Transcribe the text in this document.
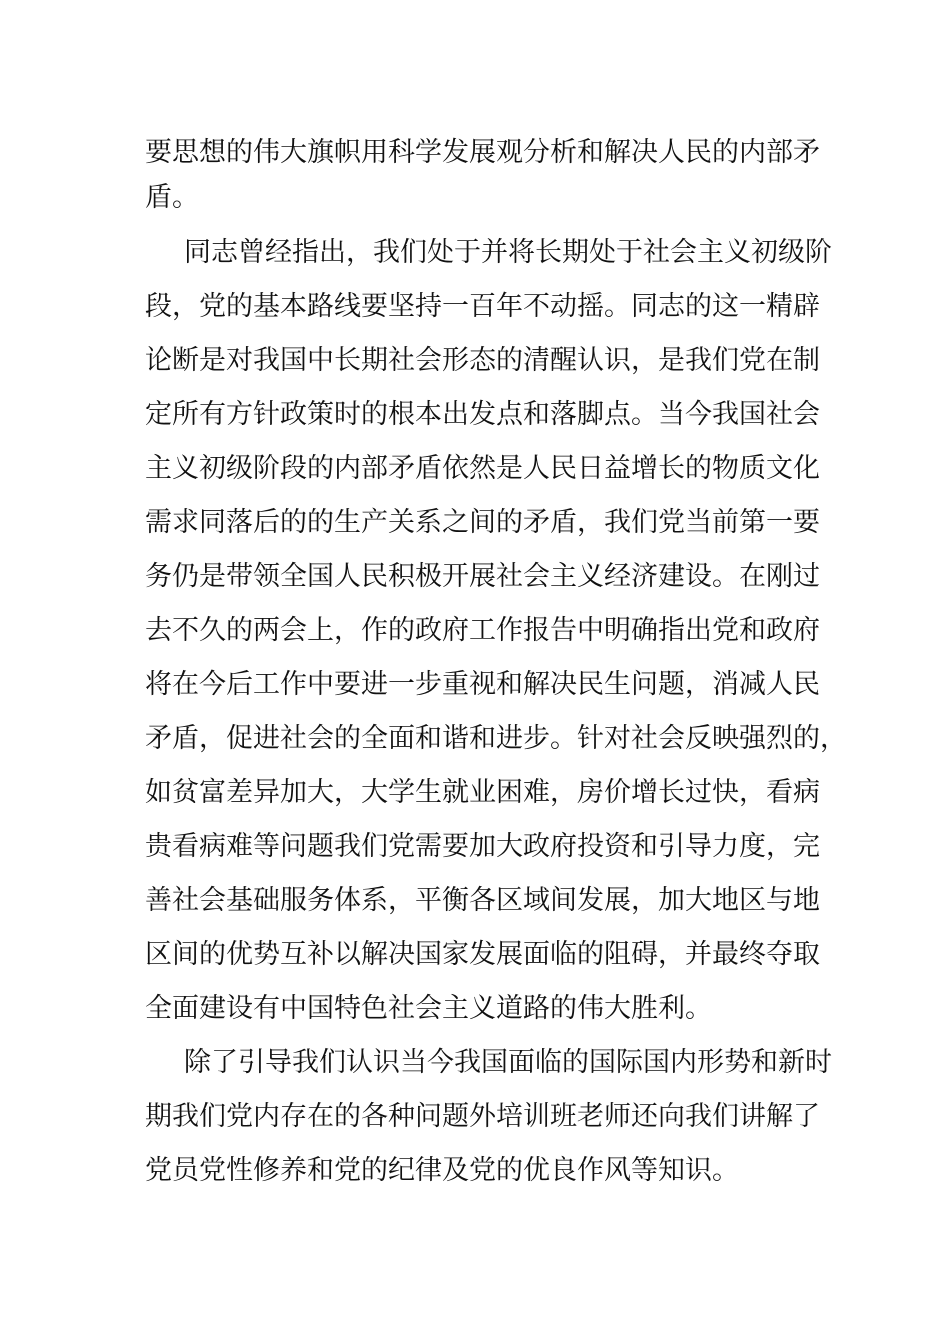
要思想的伟大旗帜用科学发展观分析和解决人民的内部矛
盾。
同志曾经指出，我们处于并将长期处于社会主义初级阶
段，党的基本路线要坚持一百年不动摇。同志的这一精辟
论断是对我国中长期社会形态的清醒认识，是我们党在制
定所有方针政策时的根本出发点和落脚点。当今我国社会
主义初级阶段的内部矛盾依然是人民日益增长的物质文化
需求同落后的的生产关系之间的矛盾，我们党当前第一要
务仍是带领全国人民积极开展社会主义经济建设。在刚过
去不久的两会上，作的政府工作报告中明确指出党和政府
将在今后工作中要进一步重视和解决民生问题，消减人民
矛盾，促进社会的全面和谐和进步。针对社会反映强烈的，
如贫富差异加大，大学生就业困难，房价增长过快，看病
贵看病难等问题我们党需要加大政府投资和引导力度，完
善社会基础服务体系，平衡各区域间发展，加大地区与地
区间的优势互补以解决国家发展面临的阻碍，并最终夺取
全面建设有中国特色社会主义道路的伟大胜利。
除了引导我们认识当今我国面临的国际国内形势和新时
期我们党内存在的各种问题外培训班老师还向我们讲解了
党员党性修养和党的纪律及党的优良作风等知识。
